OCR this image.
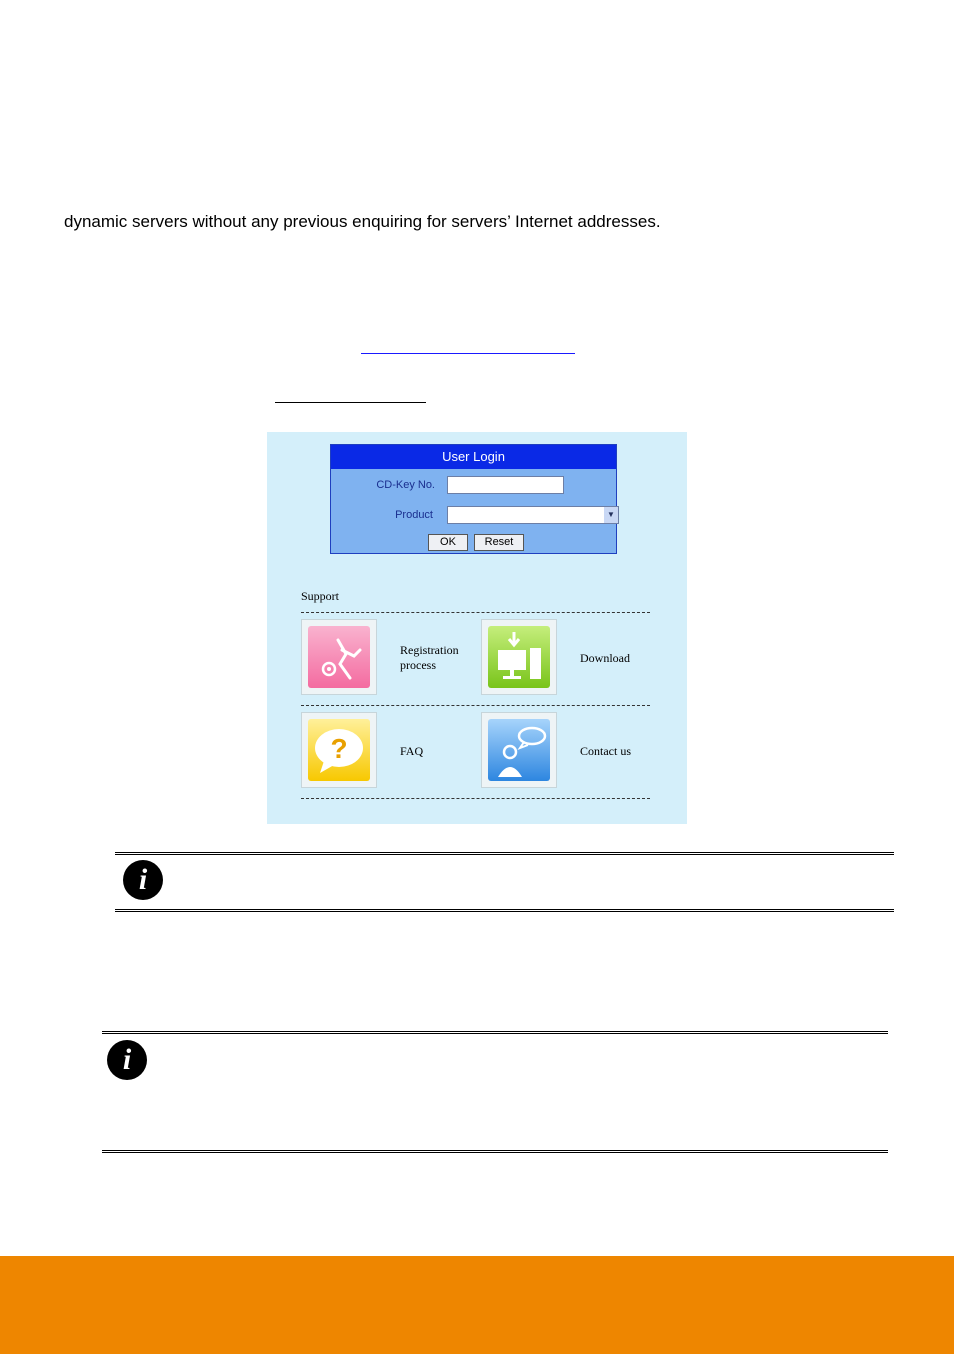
dynamic servers without any previous enquiring for servers’ Internet addresses.
User Login
CD-Key No.
Product	▼
OK	Reset
Support
Registration
process	Download
?	FAQ	Contact us
i
i
